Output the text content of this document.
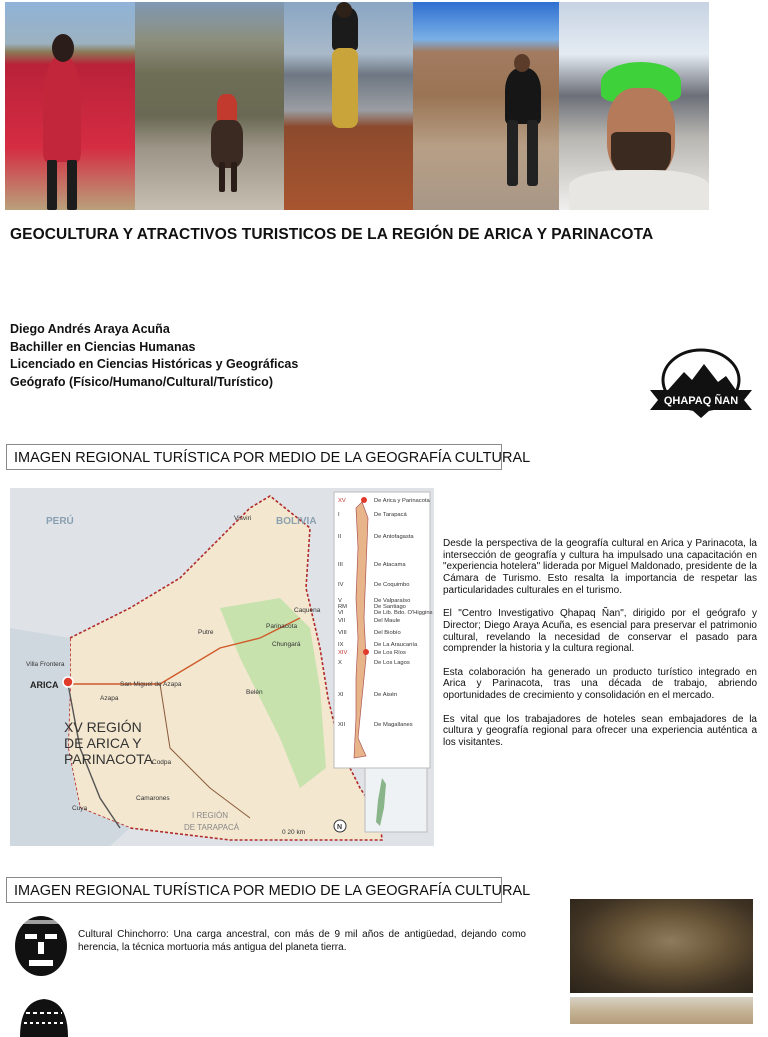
GEOCULTURA Y ATRACTIVOS TURISTICOS DE LA REGIÓN DE ARICA Y PARINACOTA
Diego Andrés Araya Acuña
Bachiller en Ciencias Humanas
Licenciado en Ciencias Históricas y Geográficas
Geógrafo (Físico/Humano/Cultural/Turístico)
QHAPAQ ÑAN
IMAGEN REGIONAL TURÍSTICA POR MEDIO DE LA GEOGRAFÍA CULTURAL
PERÚ	BOLIVIA
ARICA
XV REGIÓN DE ARICA Y PARINACOTA
I REGIÓN DE TARAPACÁ
Visviri
Putre
Parinacota
San Miguel de Azapa
Belén
Codpa
Cuya
Caquena
Chungará
Villa Frontera
Azapa
Camarones
0 20 km
N
XV	De Arica y Parinacota
I	De Tarapacá
II	De Antofagasta
III	De Atacama
IV	De Coquimbo
V	De Valparaíso
RM	De Santiago
VI	De Lib. Bdo. O'Higgins
VII	Del Maule
VIII	Del Biobío
IX	De La Araucanía
XIV	De Los Ríos
X	De Los Lagos
XI	De Aisén
XII	De Magallanes

Desde la perspectiva de la geografía cultural en Arica y Parinacota, la intersección de geografía y cultura ha impulsado una capacitación en "experiencia hotelera" liderada por Miguel Maldonado, presidente de la Cámara de Turismo. Esto resalta la importancia de respetar las particularidades culturales en el turismo.

El "Centro Investigativo Qhapaq Ñan", dirigido por el geógrafo y Director; Diego Araya Acuña, es esencial para preservar el patrimonio cultural, revelando la necesidad de conservar el pasado para comprender la historia y la cultura regional.

Esta colaboración ha generado un producto turístico integrado en Arica y Parinacota, tras una década de trabajo, abriendo oportunidades de crecimiento y consolidación en el mercado.

Es vital que los trabajadores de hoteles sean embajadores de la cultura y geografía regional para ofrecer una experiencia auténtica a los visitantes.

IMAGEN REGIONAL TURÍSTICA POR MEDIO DE LA GEOGRAFÍA CULTURAL
Cultural Chinchorro: Una carga ancestral, con más de 9 mil años de antigüedad, dejando como herencia, la técnica mortuoria más antigua del planeta tierra.
